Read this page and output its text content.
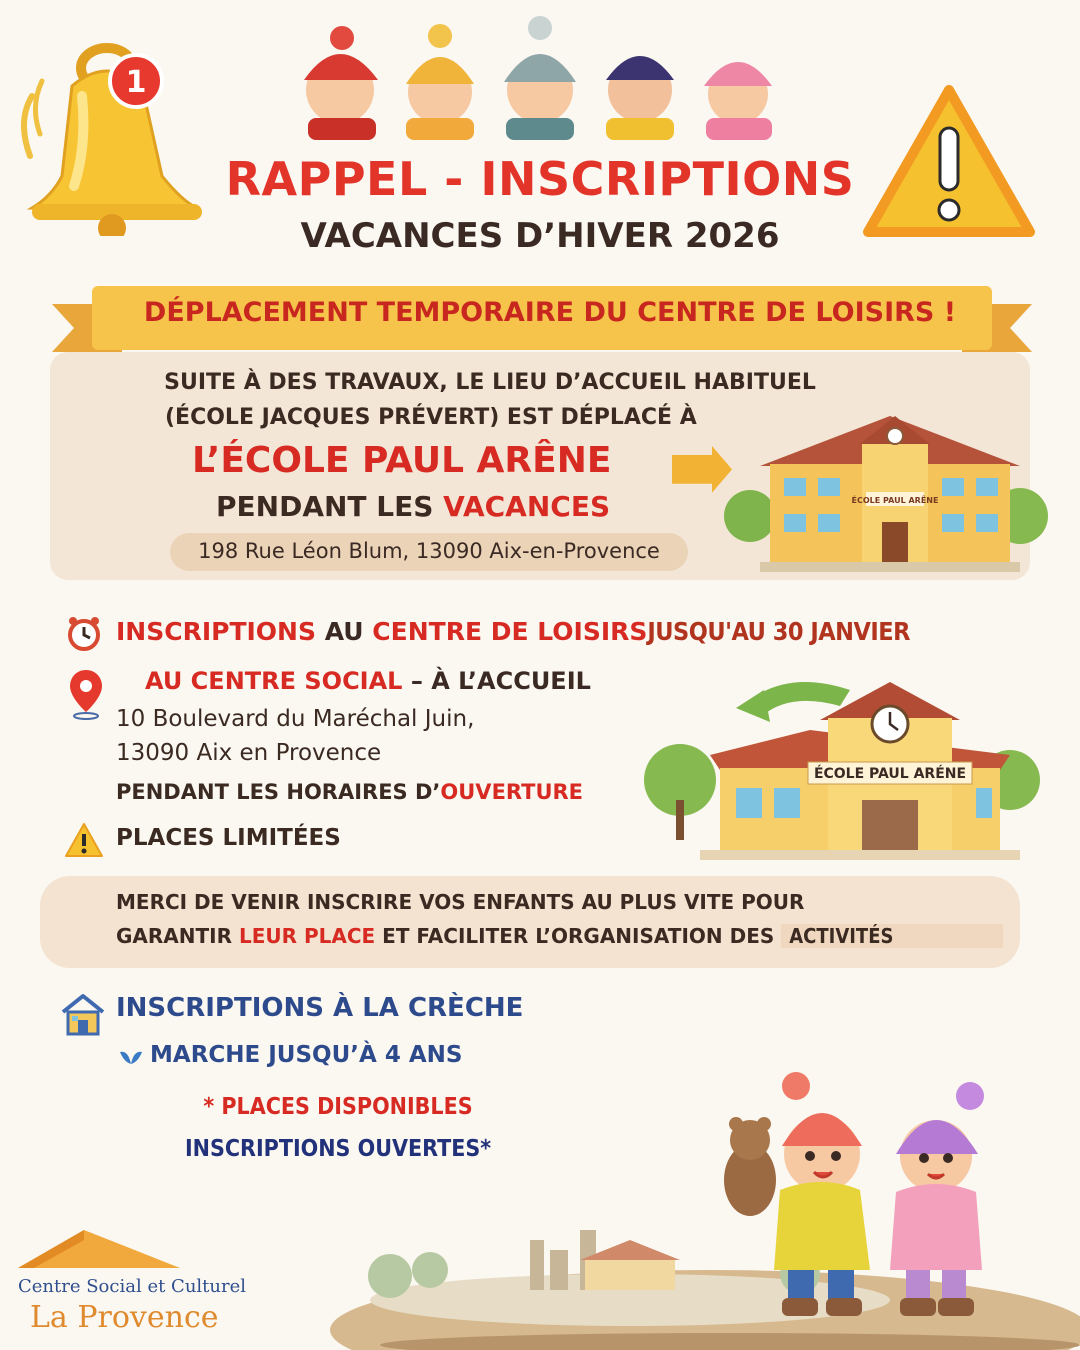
1
RAPPEL - INSCRIPTIONS
VACANCES D’HIVER 2026
DÉPLACEMENT TEMPORAIRE DU CENTRE DE LOISIRS !
SUITE À DES TRAVAUX, LE LIEU D’ACCUEIL HABITUEL
(ÉCOLE JACQUES PRÉVERT) EST DÉPLACÉ À
L’ÉCOLE PAUL ARÊNE
PENDANT LES VACANCES
198 Rue Léon Blum, 13090 Aix-en-Provence
ÉCOLE PAUL ARÊNE
INSCRIPTIONS AU CENTRE DE LOISIRSJUSQU'AU 30 JANVIER
AU CENTRE SOCIAL – À L’ACCUEIL
10 Boulevard du Maréchal Juin,
13090 Aix en Provence
PENDANT LES HORAIRES D’OUVERTURE
PLACES LIMITÉES
ÉCOLE PAUL ARÉNE
MERCI DE VENIR INSCRIRE VOS ENFANTS AU PLUS VITE POUR
GARANTIR LEUR PLACE ET FACILITER L’ORGANISATION DES ACTIVITÉS
INSCRIPTIONS À LA CRÈCHE
MARCHE JUSQU’À 4 ANS
* PLACES DISPONIBLES
INSCRIPTIONS OUVERTES*
Centre Social et Culturel
La Provence
